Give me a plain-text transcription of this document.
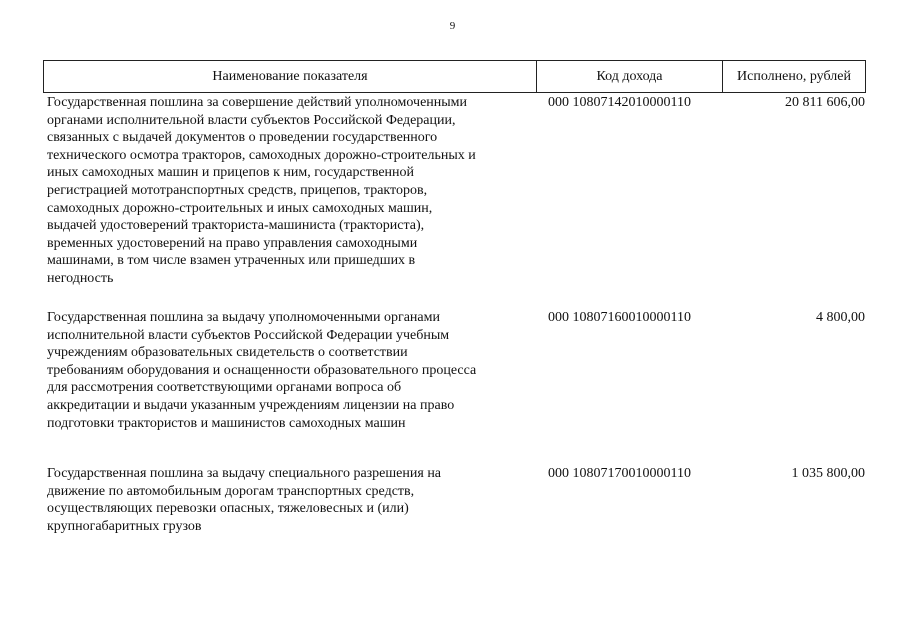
9
Наименование показателя	Код дохода	Исполнено, рублей
Государственная пошлина за совершение действий уполномоченными
органами исполнительной власти субъектов Российской Федерации,
связанных с выдачей документов о проведении государственного
технического осмотра тракторов, самоходных дорожно-строительных и
иных самоходных машин и прицепов к ним, государственной
регистрацией мототранспортных средств, прицепов, тракторов,
самоходных дорожно-строительных и иных самоходных машин,
выдачей удостоверений тракториста-машиниста (тракториста),
временных удостоверений на право управления самоходными
машинами, в том числе взамен утраченных или пришедших в
негодность
000 10807142010000110	20 811 606,00
Государственная пошлина за выдачу уполномоченными органами
исполнительной власти субъектов Российской Федерации учебным
учреждениям образовательных свидетельств о соответствии
требованиям оборудования и оснащенности образовательного процесса
для рассмотрения соответствующими органами вопроса об
аккредитации и выдачи указанным учреждениям лицензии на право
подготовки трактористов и машинистов самоходных машин
000 10807160010000110	4 800,00
Государственная пошлина за выдачу специального разрешения на
движение по автомобильным дорогам транспортных средств,
осуществляющих перевозки опасных, тяжеловесных и (или)
крупногабаритных грузов
000 10807170010000110	1 035 800,00
